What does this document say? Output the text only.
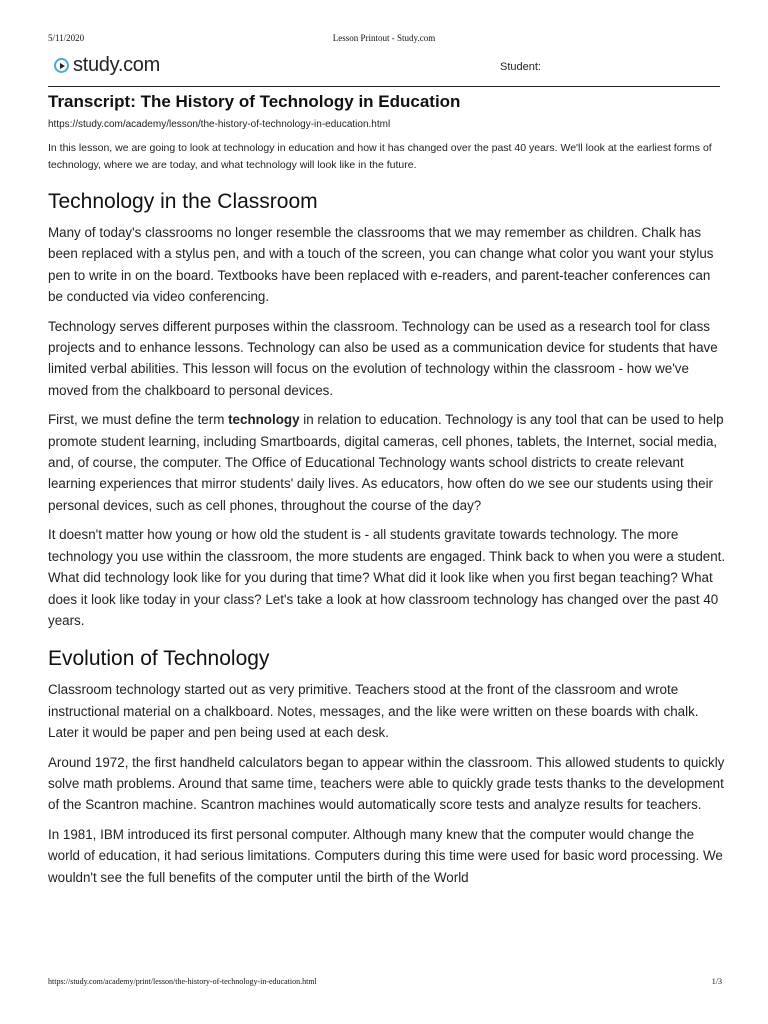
5/11/2020	Lesson Printout - Study.com
study.com	Student:
Transcript: The History of Technology in Education
https://study.com/academy/lesson/the-history-of-technology-in-education.html
In this lesson, we are going to look at technology in education and how it has changed over the past 40 years. We'll look at the earliest forms of technology, where we are today, and what technology will look like in the future.
Technology in the Classroom

Many of today's classrooms no longer resemble the classrooms that we may remember as children. Chalk has been replaced with a stylus pen, and with a touch of the screen, you can change what color you want your stylus pen to write in on the board. Textbooks have been replaced with e-readers, and parent-teacher conferences can be conducted via video conferencing.

Technology serves different purposes within the classroom. Technology can be used as a research tool for class projects and to enhance lessons. Technology can also be used as a communication device for students that have limited verbal abilities. This lesson will focus on the evolution of technology within the classroom - how we've moved from the chalkboard to personal devices.

First, we must define the term technology in relation to education. Technology is any tool that can be used to help promote student learning, including Smartboards, digital cameras, cell phones, tablets, the Internet, social media, and, of course, the computer. The Office of Educational Technology wants school districts to create relevant learning experiences that mirror students' daily lives. As educators, how often do we see our students using their personal devices, such as cell phones, throughout the course of the day?

It doesn't matter how young or how old the student is - all students gravitate towards technology. The more technology you use within the classroom, the more students are engaged. Think back to when you were a student. What did technology look like for you during that time? What did it look like when you first began teaching? What does it look like today in your class? Let's take a look at how classroom technology has changed over the past 40 years.

Evolution of Technology

Classroom technology started out as very primitive. Teachers stood at the front of the classroom and wrote instructional material on a chalkboard. Notes, messages, and the like were written on these boards with chalk. Later it would be paper and pen being used at each desk.

Around 1972, the first handheld calculators began to appear within the classroom. This allowed students to quickly solve math problems. Around that same time, teachers were able to quickly grade tests thanks to the development of the Scantron machine. Scantron machines would automatically score tests and analyze results for teachers.

In 1981, IBM introduced its first personal computer. Although many knew that the computer would change the world of education, it had serious limitations. Computers during this time were used for basic word processing. We wouldn't see the full benefits of the computer until the birth of the World

https://study.com/academy/print/lesson/the-history-of-technology-in-education.html	1/3
